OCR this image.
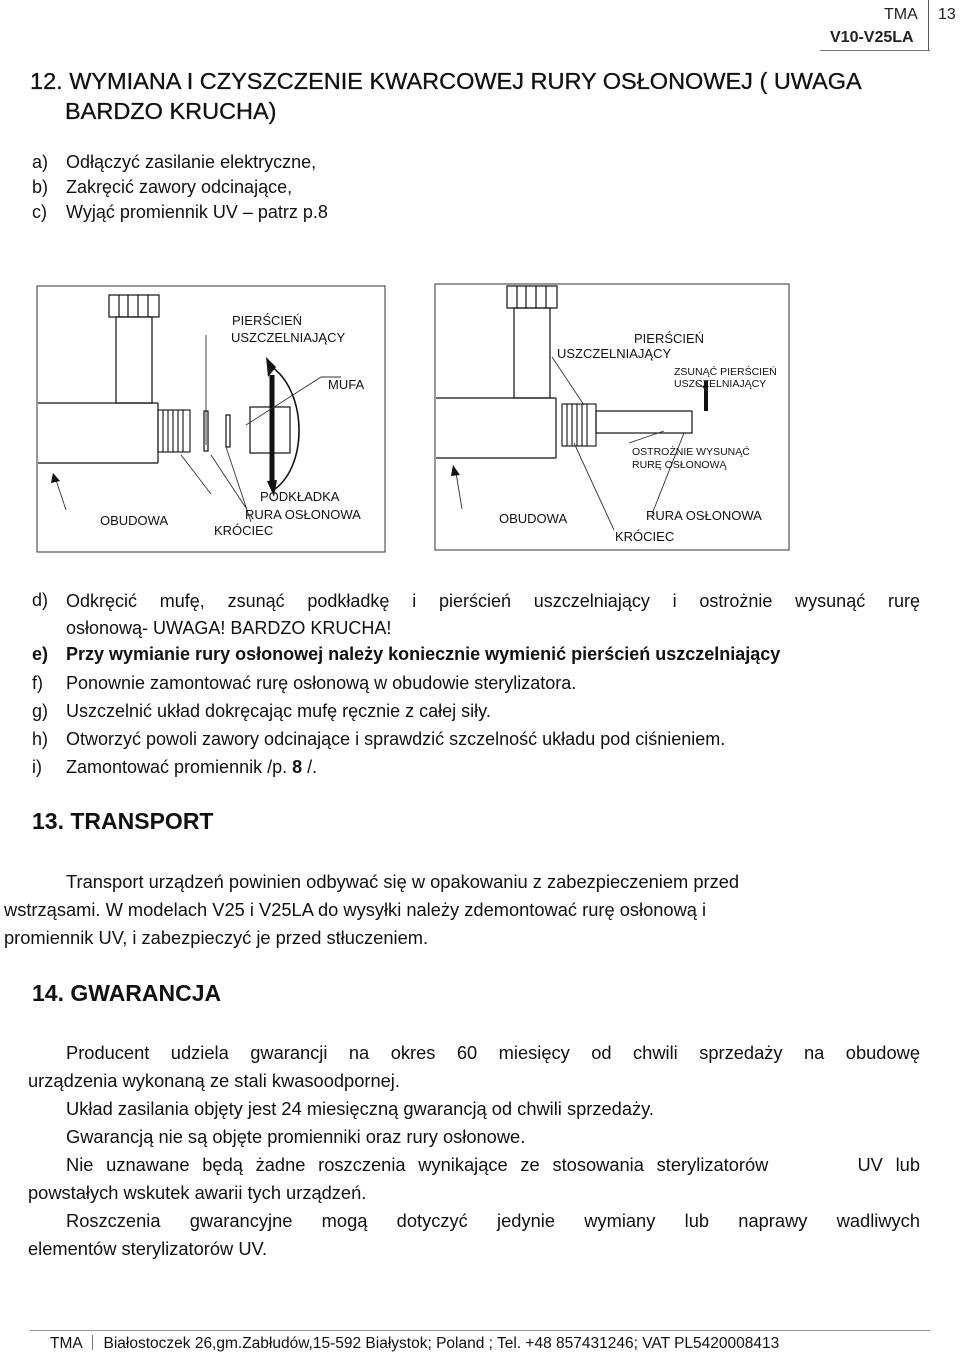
TMA
V10-V25LA
13
12. WYMIANA I CZYSZCZENIE KWARCOWEJ RURY OSŁONOWEJ ( UWAGA
BARDZO KRUCHA)
a) Odłączyć zasilanie elektryczne,
b) Zakręcić zawory odcinające,
c) Wyjąć promiennik UV – patrz p.8
PIERŚCIEŃ
USZCZELNIAJĄCY
MUFA
PODKŁADKA
OBUDOWA	RURA OSŁONOWA
KRÓCIEC
PIERŚCIEŃ
USZCZELNIAJĄCY
ZSUNĄĆ PIERŚCIEŃ
USZCZELNIAJĄCY
OSTROŻNIE WYSUNĄĆ
RURĘ OSŁONOWĄ
OBUDOWA	RURA OSŁONOWA
KRÓCIEC
d) Odkręcić mufę, zsunąć podkładkę i pierścień uszczelniający i ostrożnie wysunąć rurę
osłonową- UWAGA! BARDZO KRUCHA!
e) Przy wymianie rury osłonowej należy koniecznie wymienić pierścień uszczelniający
f) Ponownie zamontować rurę osłonową w obudowie sterylizatora.
g) Uszczelnić układ dokręcając mufę ręcznie z całej siły.
h) Otworzyć powoli zawory odcinające i sprawdzić szczelność układu pod ciśnieniem.
i) Zamontować promiennik /p. 8 /.
13. TRANSPORT
Transport urządzeń powinien odbywać się w opakowaniu z zabezpieczeniem przed
wstrząsami. W modelach V25 i V25LA do wysyłki należy zdemontować rurę osłonową i
promiennik UV, i zabezpieczyć je przed stłuczeniem.
14. GWARANCJA
Producent udziela gwarancji na okres 60 miesięcy od chwili sprzedaży na obudowę
urządzenia wykonaną ze stali kwasoodpornej.
Układ zasilania objęty jest 24 miesięczną gwarancją od chwili sprzedaży.
Gwarancją nie są objęte promienniki oraz rury osłonowe.
Nie uznawane będą żadne roszczenia wynikające ze stosowania sterylizatorów       UV lub
powstałych wskutek awarii tych urządzeń.
Roszczenia gwarancyjne mogą dotyczyć jedynie wymiany lub naprawy wadliwych
elementów sterylizatorów UV.
TMA Białostoczek 26,gm.Zabłudów,15-592 Białystok; Poland ; Tel. +48 857431246; VAT PL5420008413
